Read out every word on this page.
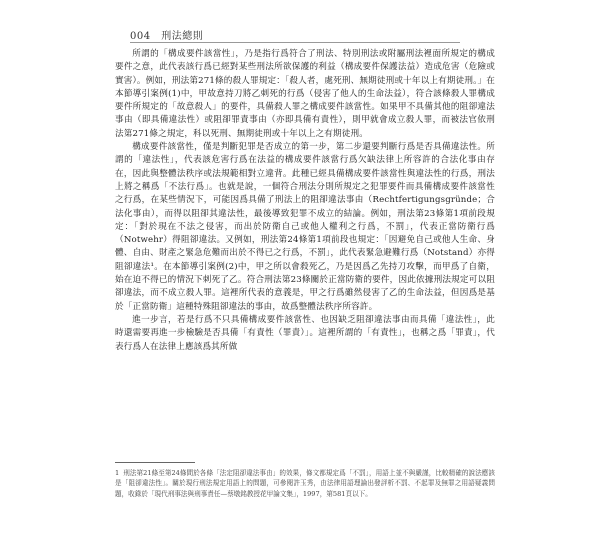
004 刑法總則

所謂的「構成要件該當性」，乃是指行爲符合了刑法、特別刑法或附屬刑法裡面所規定的構成要件之意，此代表該行爲已經對某些刑法所欲保護的利益（構成要件保護法益）造成危害（危險或實害）。例如，刑法第271條的殺人罪規定：「殺人者，處死刑、無期徒刑或十年以上有期徒刑。」在本節導引案例(1)中，甲故意持刀將乙刺死的行爲（侵害了他人的生命法益），符合該條殺人罪構成要件所規定的「故意殺人」的要件，具備殺人罪之構成要件該當性。如果甲不具備其他的阻卻違法事由（即具備違法性）或阻卻罪責事由（亦即具備有責性），則甲就會成立殺人罪，而被法官依刑法第271條之規定，科以死刑、無期徒刑或十年以上之有期徒刑。

構成要件該當性，僅是判斷犯罪是否成立的第一步，第二步還要判斷行爲是否具備違法性。所謂的「違法性」，代表該危害行爲在法益的構成要件該當行爲欠缺法律上所容許的合法化事由存在，因此與整體法秩序或法規範相對立違背。此種已經具備構成要件該當性與違法性的行爲，刑法上將之稱爲「不法行爲」。也就是說，一個符合刑法分則所規定之犯罪要件而具備構成要件該當性之行爲，在某些情況下，可能因爲具備了刑法上的阻卻違法事由（Rechtfertigungsgründe；合法化事由），而得以阻卻其違法性，最後導致犯罪不成立的結論。例如，刑法第23條第1項前段規定：「對於現在不法之侵害，而出於防衛自己或他人權利之行爲，不罰」，代表正當防衛行爲（Notwehr）得阻卻違法。又例如，刑法第24條第1項前段也規定：「因避免自己或他人生命、身體、自由、財產之緊急危難而出於不得已之行爲，不罰」，此代表緊急避難行爲（Notstand）亦得阻卻違法¹。在本節導引案例(2)中，甲之所以會殺死乙，乃是因爲乙先持刀攻擊，而甲爲了自衛，始在迫不得已的情況下刺死了乙。符合刑法第23條關於正當防衛的要件，因此依據刑法規定可以阻卻違法，而不成立殺人罪。這裡所代表的意義是，甲之行爲雖然侵害了乙的生命法益，但因爲是基於「正當防衛」這種特殊阻卻違法的事由，故爲整體法秩序所容許。

進一步言，若是行爲不只具備構成要件該當性、也因缺乏阻卻違法事由而具備「違法性」，此時還需要再進一步檢驗是否具備「有責性（罪責）」。這裡所謂的「有責性」，也稱之爲「罪責」，代表行爲人在法律上應該爲其所做

1 刑法第21條至第24條間於各條「法定阻卻違法事由」的效果，條文都規定爲「不罰」，用語上並不與嚴謹，比較精確的說法應該是「阻卻違法性」。關於現行刑法規定用語上的問題，可參閱許玉秀，由法律用語理論出發評析不罰、不起罪及無罪之用語疑義問題，收錄於「現代刑事法與刑事責任—蔡墩銘教授花甲論文集」，1997，第581頁以下。
